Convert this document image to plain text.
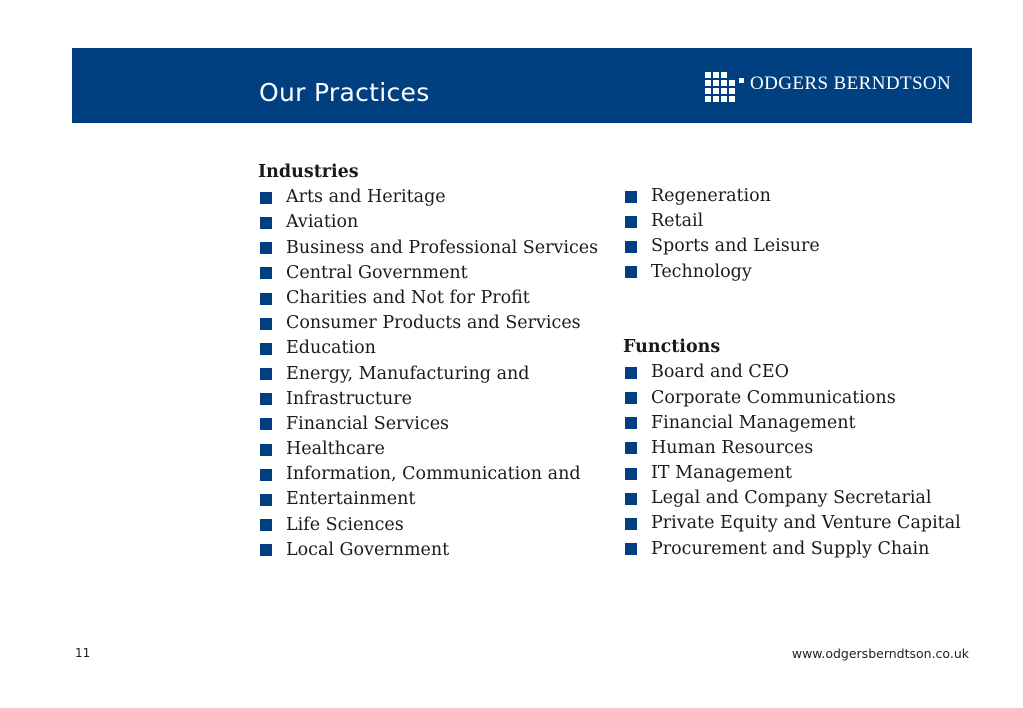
Our Practices	ODGERS BERNDTSON
Industries
Arts and Heritage
Aviation
Business and Professional Services
Central Government
Charities and Not for Profit
Consumer Products and Services
Education
Energy, Manufacturing and
Infrastructure
Financial Services
Healthcare
Information, Communication and
Entertainment
Life Sciences
Local Government
Regeneration
Retail
Sports and Leisure
Technology
Functions
Board and CEO
Corporate Communications
Financial Management
Human Resources
IT Management
Legal and Company Secretarial
Private Equity and Venture Capital
Procurement and Supply Chain
11	www.odgersberndtson.co.uk
